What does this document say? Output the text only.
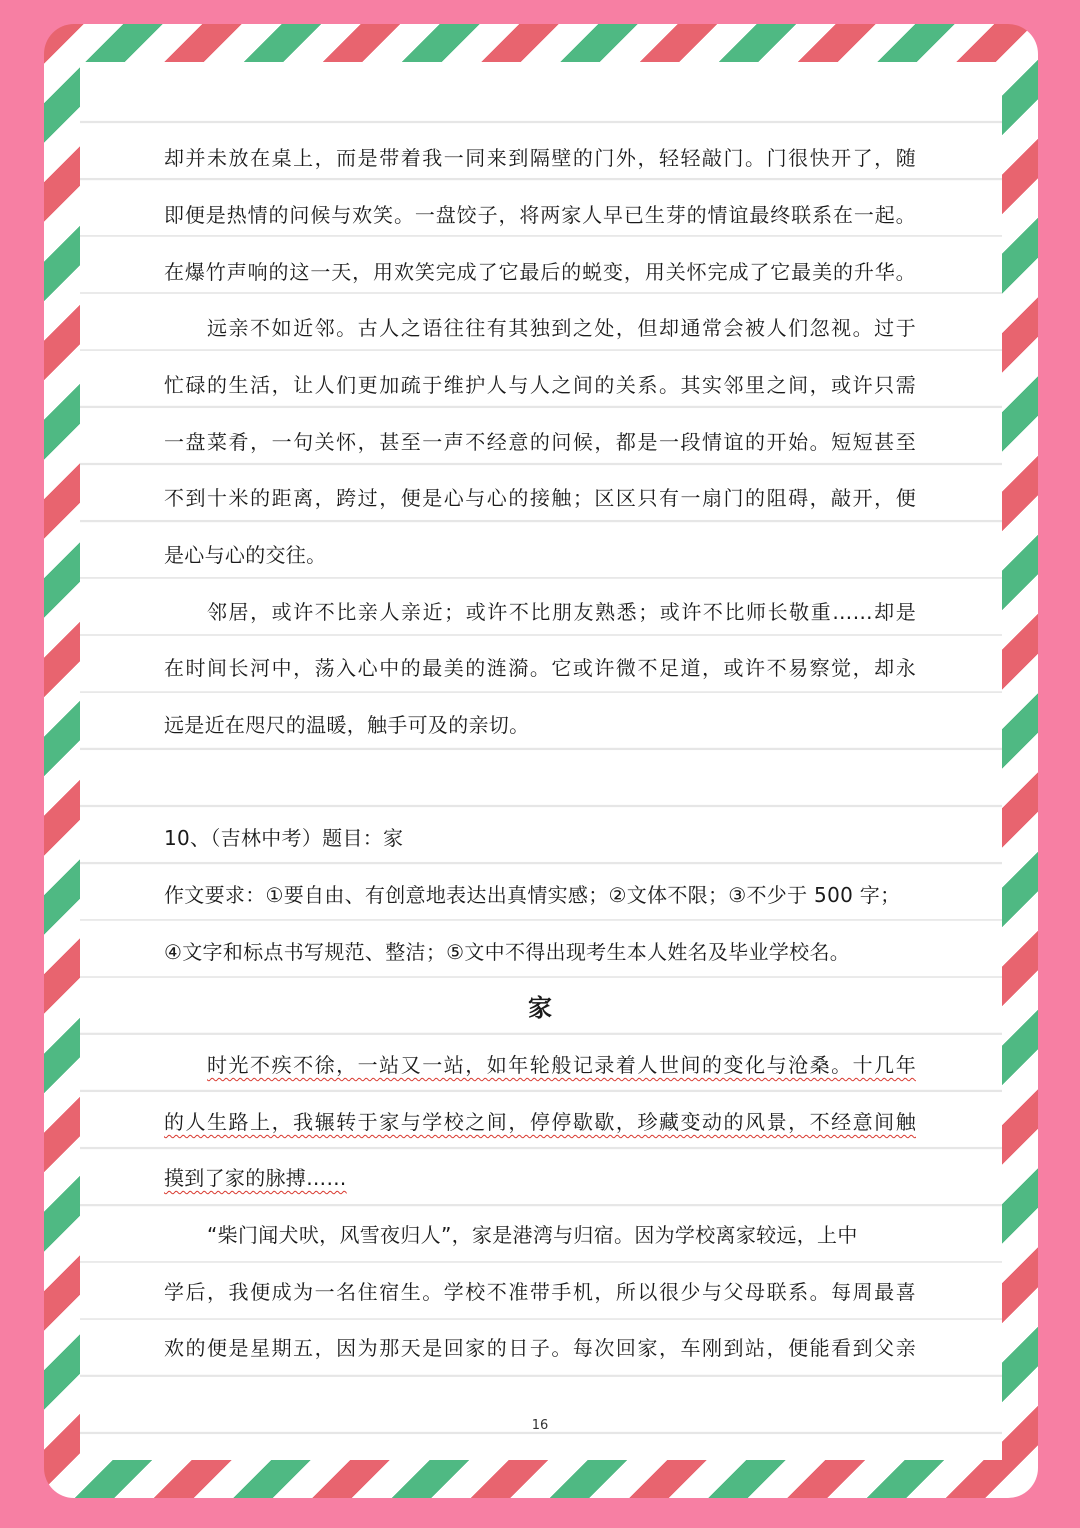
却并未放在桌上，而是带着我一同来到隔壁的门外，轻轻敲门。门很快开了，随
即便是热情的问候与欢笑。一盘饺子，将两家人早已生芽的情谊最终联系在一起。
在爆竹声响的这一天，用欢笑完成了它最后的蜕变，用关怀完成了它最美的升华。
远亲不如近邻。古人之语往往有其独到之处，但却通常会被人们忽视。过于
忙碌的生活，让人们更加疏于维护人与人之间的关系。其实邻里之间，或许只需
一盘菜肴，一句关怀，甚至一声不经意的问候，都是一段情谊的开始。短短甚至
不到十米的距离，跨过，便是心与心的接触；区区只有一扇门的阻碍，敲开，便
是心与心的交往。
邻居，或许不比亲人亲近；或许不比朋友熟悉；或许不比师长敬重……却是
在时间长河中，荡入心中的最美的涟漪。它或许微不足道，或许不易察觉，却永
远是近在咫尺的温暖，触手可及的亲切。
10、（吉林中考）题目：家
作文要求：①要自由、有创意地表达出真情实感；②文体不限；③不少于 500 字；
④文字和标点书写规范、整洁；⑤文中不得出现考生本人姓名及毕业学校名。
家
时光不疾不徐，一站又一站，如年轮般记录着人世间的变化与沧桑。十几年
的人生路上，我辗转于家与学校之间，停停歇歇，珍藏变动的风景，不经意间触
摸到了家的脉搏……
“柴门闻犬吠，风雪夜归人”，家是港湾与归宿。因为学校离家较远，上中
学后，我便成为一名住宿生。学校不准带手机，所以很少与父母联系。每周最喜
欢的便是星期五，因为那天是回家的日子。每次回家，车刚到站，便能看到父亲
16
